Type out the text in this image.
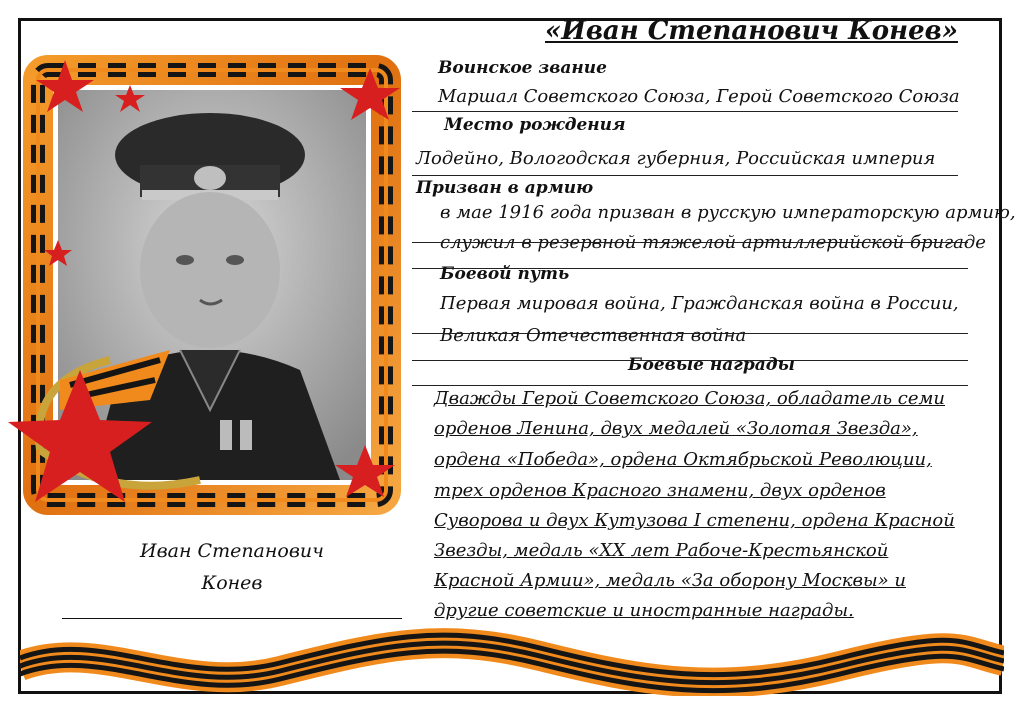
Иван Степанович
Конев
«Иван Степанович Конев»
Воинское звание
Маршал Советского Союза, Герой Советского Союза
Место рождения
Лодейно, Вологодская губерния, Российская империя
Призван в армию
в мае 1916 года призван в русскую императорскую армию,
служил в резервной тяжелой артиллерийской бригаде
Боевой путь
Первая мировая война, Гражданская война в России,
Великая Отечественная война
Боевые награды
Дважды Герой Советского Союза, обладатель семи
орденов Ленина, двух медалей «Золотая Звезда»,
ордена «Победа», ордена Октябрьской Революции,
трех орденов Красного знамени, двух орденов
Суворова и двух Кутузова I степени, ордена Красной
Звезды, медаль «XX лет Рабоче-Крестьянской
Красной Армии», медаль «За оборону Москвы» и
другие советские и иностранные награды.
